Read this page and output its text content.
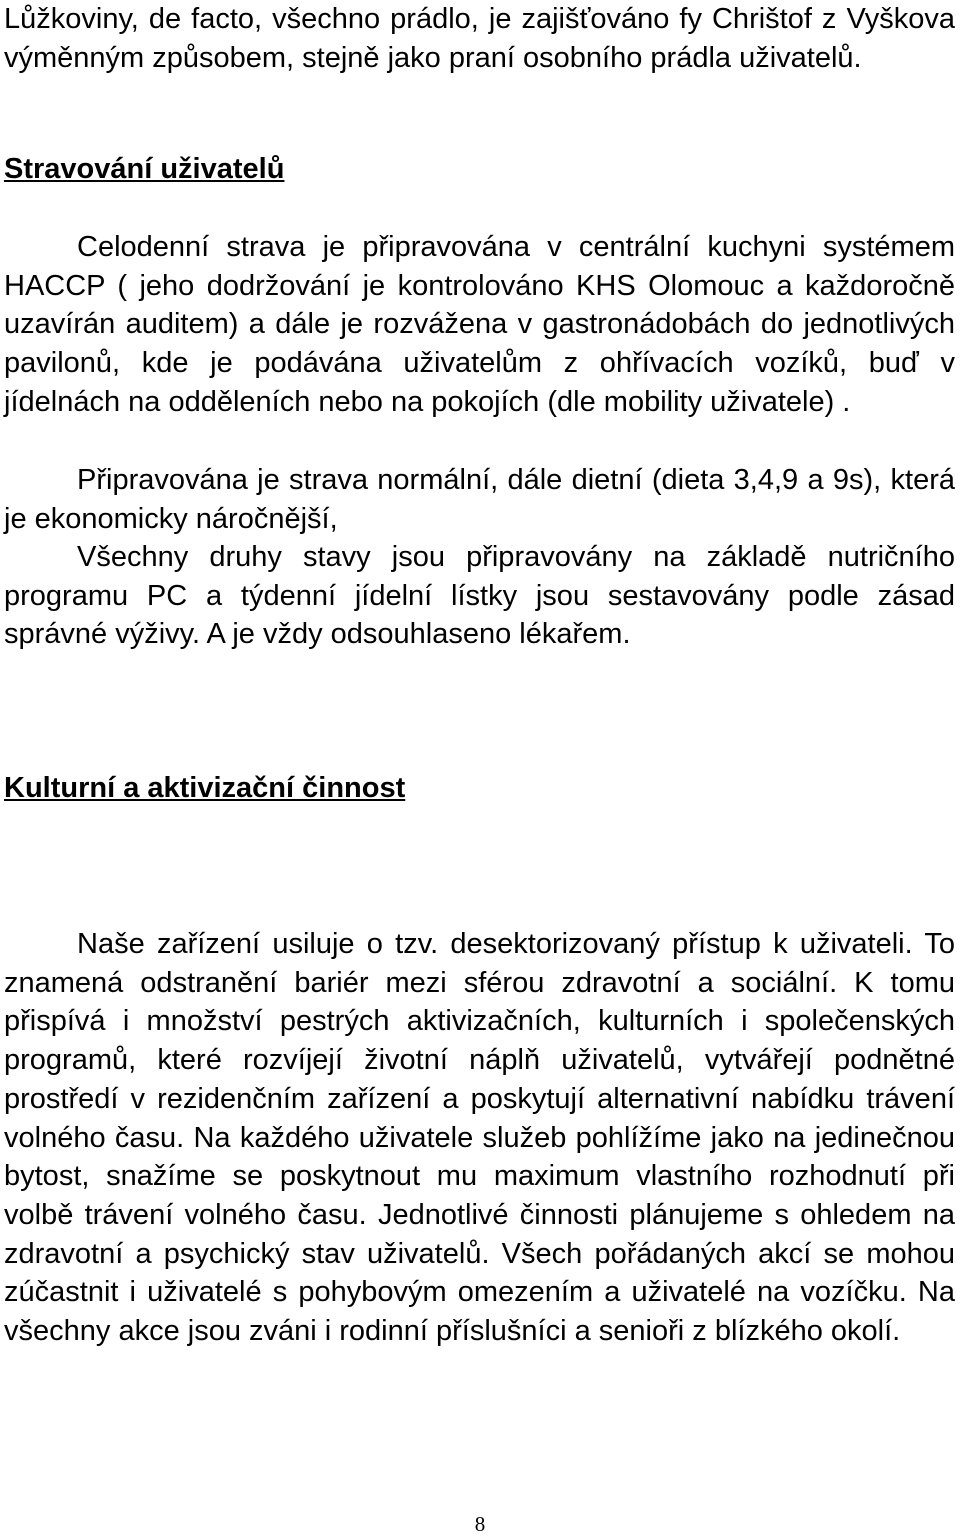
Lůžkoviny, de facto, všechno prádlo, je zajišťováno fy Chrištof z Vyškova výměnným způsobem, stejně jako praní osobního prádla uživatelů.

Stravování uživatelů

Celodenní strava je připravována v centrální kuchyni systémem HACCP ( jeho dodržování je kontrolováno KHS Olomouc a každoročně uzavírán auditem) a dále je rozvážena v gastronádobách do jednotlivých pavilonů, kde je podávána uživatelům z ohřívacích vozíků, buď v jídelnách na odděleních nebo na pokojích (dle mobility uživatele) .

Připravována je strava normální, dále dietní (dieta 3,4,9 a 9s), která je ekonomicky náročnější,

Všechny druhy stavy jsou připravovány na základě nutričního programu PC a týdenní jídelní lístky jsou sestavovány podle zásad správné výživy. A je vždy odsouhlaseno lékařem.

Kulturní a aktivizační činnost

Naše zařízení usiluje o tzv. desektorizovaný přístup k uživateli. To znamená odstranění bariér mezi sférou zdravotní a sociální. K tomu přispívá i množství pestrých aktivizačních, kulturních i společenských programů, které rozvíjejí životní náplň uživatelů, vytvářejí podnětné prostředí v rezidenčním zařízení a poskytují alternativní nabídku trávení volného času. Na každého uživatele služeb pohlížíme jako na jedinečnou bytost, snažíme se poskytnout mu maximum vlastního rozhodnutí při volbě trávení volného času. Jednotlivé činnosti plánujeme s ohledem na zdravotní a psychický stav uživatelů. Všech pořádaných akcí se mohou zúčastnit i uživatelé s pohybovým omezením a uživatelé na vozíčku. Na všechny akce jsou zváni i rodinní příslušníci a senioři z blízkého okolí.

8
